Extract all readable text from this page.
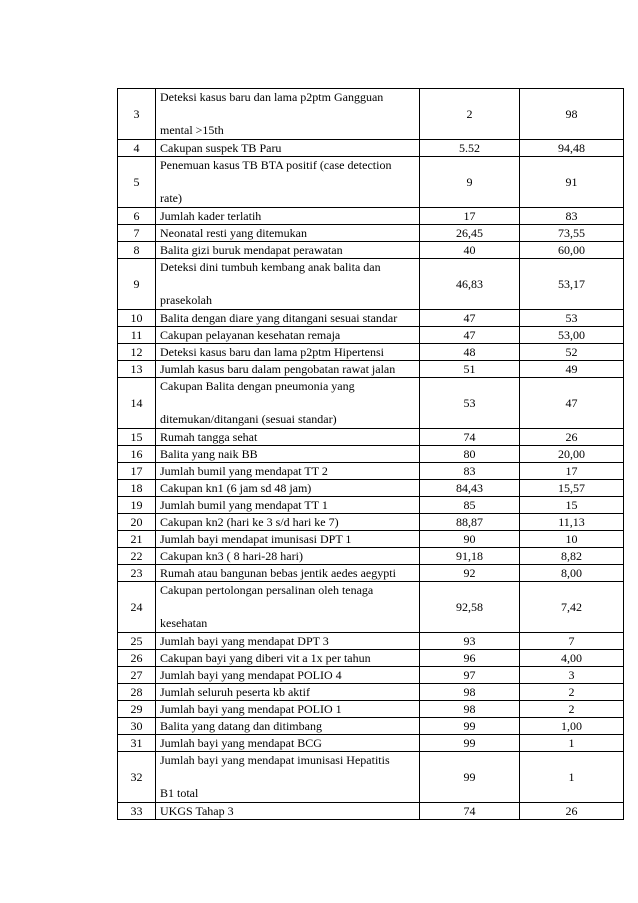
3	Deteksi kasus baru dan lama p2ptm Gangguan
mental >15th	2	98
4	Cakupan suspek TB Paru	5.52	94,48
5	Penemuan kasus TB BTA positif (case detection
rate)	9	91
6	Jumlah kader terlatih	17	83
7	Neonatal resti yang ditemukan	26,45	73,55
8	Balita gizi buruk mendapat perawatan	40	60,00
9	Deteksi dini tumbuh kembang anak balita dan
prasekolah	46,83	53,17
10	Balita dengan diare yang ditangani sesuai standar	47	53
11	Cakupan pelayanan kesehatan remaja	47	53,00
12	Deteksi kasus baru dan lama p2ptm Hipertensi	48	52
13	Jumlah kasus baru dalam pengobatan rawat jalan	51	49
14	Cakupan Balita dengan pneumonia yang
ditemukan/ditangani (sesuai standar)	53	47
15	Rumah tangga sehat	74	26
16	Balita yang naik BB	80	20,00
17	Jumlah bumil yang mendapat TT 2	83	17
18	Cakupan kn1 (6 jam sd 48 jam)	84,43	15,57
19	Jumlah bumil yang mendapat TT 1	85	15
20	Cakupan kn2 (hari ke 3 s/d hari ke 7)	88,87	11,13
21	Jumlah bayi mendapat imunisasi DPT 1	90	10
22	Cakupan kn3 ( 8 hari-28 hari)	91,18	8,82
23	Rumah atau bangunan bebas jentik aedes aegypti	92	8,00
24	Cakupan pertolongan persalinan oleh tenaga
kesehatan	92,58	7,42
25	Jumlah bayi yang mendapat DPT 3	93	7
26	Cakupan bayi yang diberi vit a 1x per tahun	96	4,00
27	Jumlah bayi yang mendapat POLIO 4	97	3
28	Jumlah seluruh peserta kb aktif	98	2
29	Jumlah bayi yang mendapat POLIO 1	98	2
30	Balita yang datang dan ditimbang	99	1,00
31	Jumlah bayi yang mendapat BCG	99	1
32	Jumlah bayi yang mendapat imunisasi Hepatitis
B1 total	99	1
33	UKGS Tahap 3	74	26
